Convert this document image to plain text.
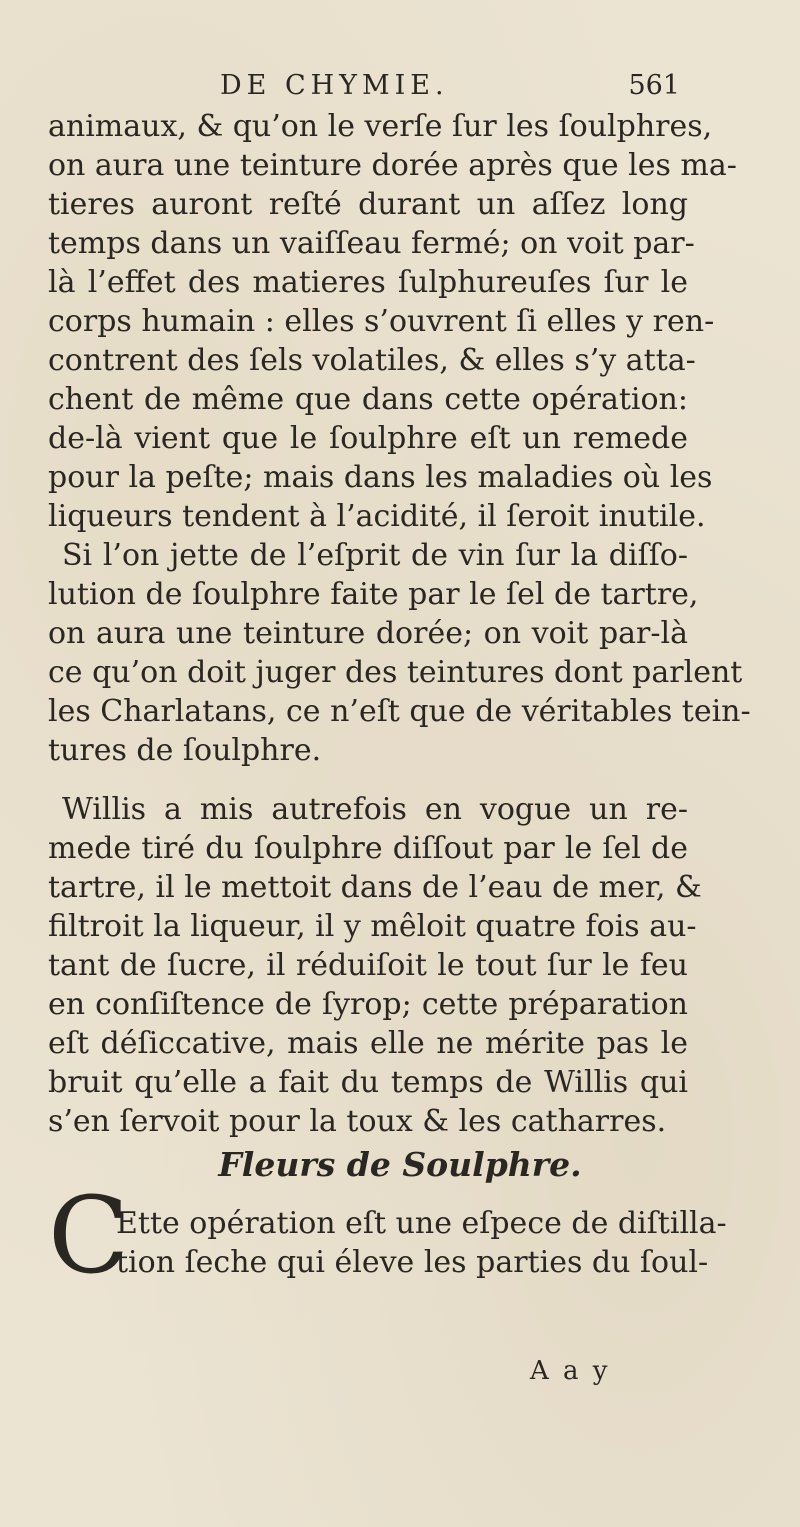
DE CHYMIE.	561
animaux, & qu’on le verſe ſur les ſoulphres,
on aura une teinture dorée après que les ma-
tieres auront reſté durant un aſſez long
temps dans un vaiſſeau fermé; on voit par-
là l’effet des matieres ſulphureuſes ſur le
corps humain : elles s’ouvrent ſi elles y ren-
contrent des ſels volatiles, & elles s’y atta-
chent de même que dans cette opération:
de-là vient que le ſoulphre eſt un remede
pour la peſte; mais dans les maladies où les
liqueurs tendent à l’acidité, il ſeroit inutile.
Si l’on jette de l’eſprit de vin ſur la diſſo-
lution de ſoulphre faite par le ſel de tartre,
on aura une teinture dorée; on voit par-là
ce qu’on doit juger des teintures dont parlent
les Charlatans, ce n’eſt que de véritables tein-
tures de ſoulphre.
Willis a mis autrefois en vogue un re-
mede tiré du ſoulphre diſſout par le ſel de
tartre, il le mettoit dans de l’eau de mer, &
filtroit la liqueur, il y mêloit quatre fois au-
tant de ſucre, il réduiſoit le tout ſur le feu
en conſiſtence de ſyrop; cette préparation
eſt déſiccative, mais elle ne mérite pas le
bruit qu’elle a fait du temps de Willis qui
s’en ſervoit pour la toux & les catharres.
Fleurs de Soulphre.
C
Ette opération eſt une eſpece de diſtilla-
tion ſeche qui éleve les parties du ſoul-
A a y
